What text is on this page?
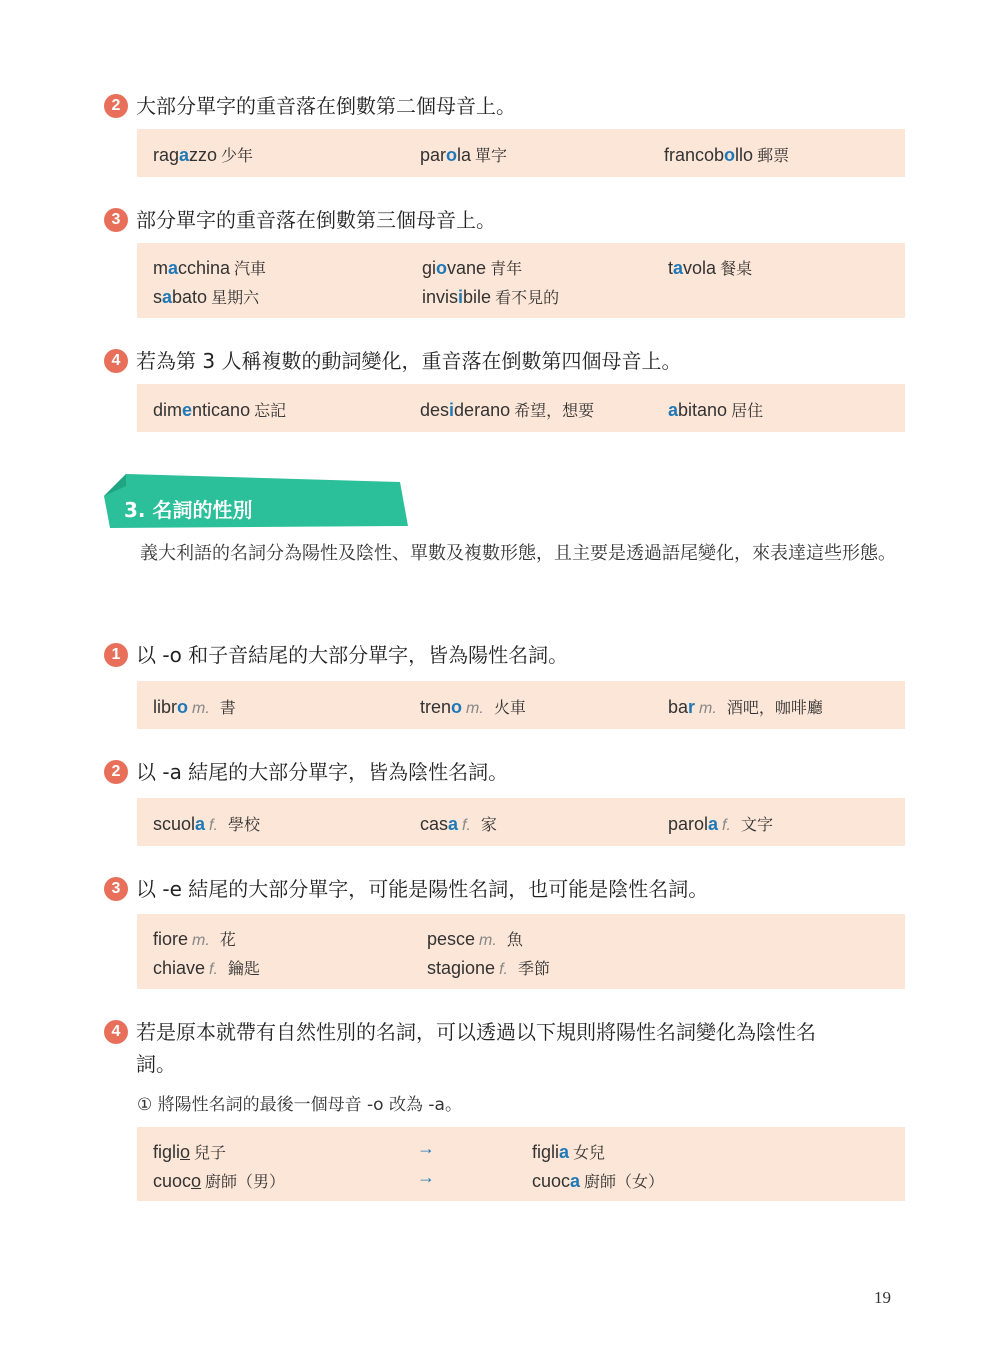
2 大部分單字的重音落在倒數第二個母音上。
ragazzo 少年	parola 單字	francobollo 郵票
3 部分單字的重音落在倒數第三個母音上。
macchina 汽車	giovane 青年	tavola 餐桌
sabato 星期六	invisibile 看不見的
4 若為第 3 人稱複數的動詞變化，重音落在倒數第四個母音上。
dimenticano 忘記	desiderano 希望，想要	abitano 居住
3. 名詞的性別
義大利語的名詞分為陽性及陰性、單數及複數形態，且主要是透過語尾變化，來表達這些形態。
1 以 -o 和子音結尾的大部分單字，皆為陽性名詞。
libro m. 書	treno m. 火車	bar m. 酒吧，咖啡廳
2 以 -a 結尾的大部分單字，皆為陰性名詞。
scuola f. 學校	casa f. 家	parola f. 文字
3 以 -e 結尾的大部分單字，可能是陽性名詞，也可能是陰性名詞。
fiore m. 花	pesce m. 魚
chiave f. 鑰匙	stagione f. 季節
4 若是原本就帶有自然性別的名詞，可以透過以下規則將陽性名詞變化為陰性名
詞。
① 將陽性名詞的最後一個母音 -o 改為 -a。
figlio 兒子	→	figlia 女兒
cuoco 廚師（男）	→	cuoca 廚師（女）
19
